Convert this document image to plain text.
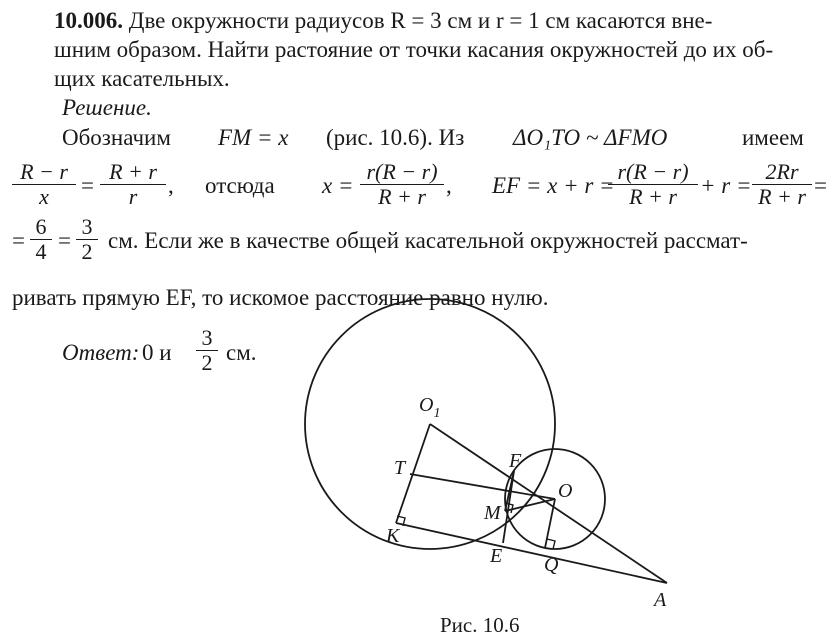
10.006. Две окружности радиусов R = 3 см и r = 1 см касаются вне-
шним образом. Найти растояние от точки касания окружностей до их об-
щих касательных.
Решение.
Обозначим FM = x (рис. 10.6). Из ΔO₁TO ~ ΔFMO	имеем
$\frac{R - r}{x} = \frac{R + r}{r}$ , отсюда $x = \frac{r(R - r)}{R + r}$ , EF = x + r =
$\frac{r(R - r)}{R + r} + r = \frac{2Rr}{R + r}$ =
= $\frac{6}{4} = \frac{3}{2}$ см. Если же в качестве общей касательной окружностей рассмат-
ривать прямую EF, то искомое расстояние равно нулю.
Ответ: 0 и $\frac{3}{2}$ см.
$O_1$
T	F
O
M
K
E Q
A
Рис. 10.6
